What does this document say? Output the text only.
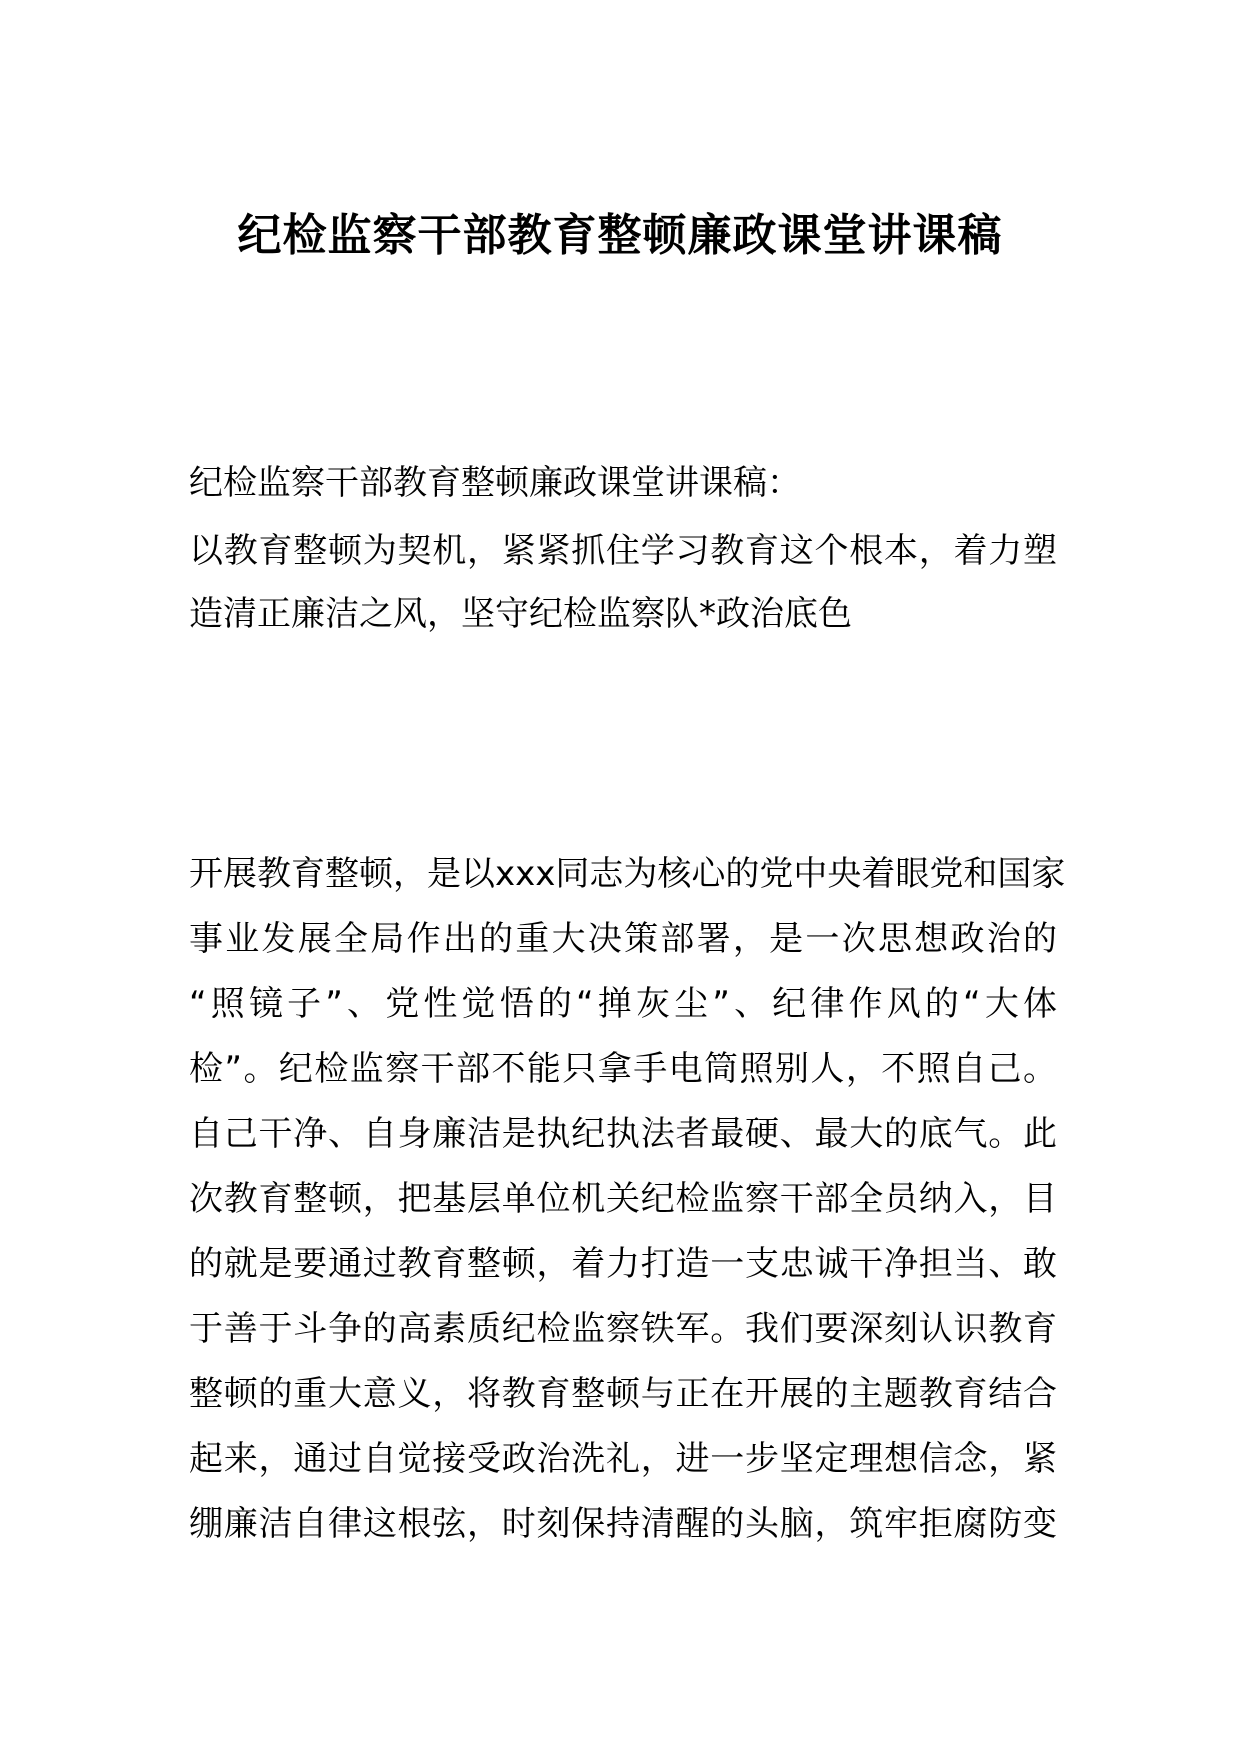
纪检监察干部教育整顿廉政课堂讲课稿
纪检监察干部教育整顿廉政课堂讲课稿：
以教育整顿为契机，紧紧抓住学习教育这个根本，着力塑
造清正廉洁之风，坚守纪检监察队*政治底色
开展教育整顿，是以xxx同志为核心的党中央着眼党和国家
事业发展全局作出的重大决策部署，是一次思想政治的
“照镜子”、党性觉悟的“掸灰尘”、纪律作风的“大体
检”。纪检监察干部不能只拿手电筒照别人，不照自己。
自己干净、自身廉洁是执纪执法者最硬、最大的底气。此
次教育整顿，把基层单位机关纪检监察干部全员纳入，目
的就是要通过教育整顿，着力打造一支忠诚干净担当、敢
于善于斗争的高素质纪检监察铁军。我们要深刻认识教育
整顿的重大意义，将教育整顿与正在开展的主题教育结合
起来，通过自觉接受政治洗礼，进一步坚定理想信念，紧
绷廉洁自律这根弦，时刻保持清醒的头脑，筑牢拒腐防变
